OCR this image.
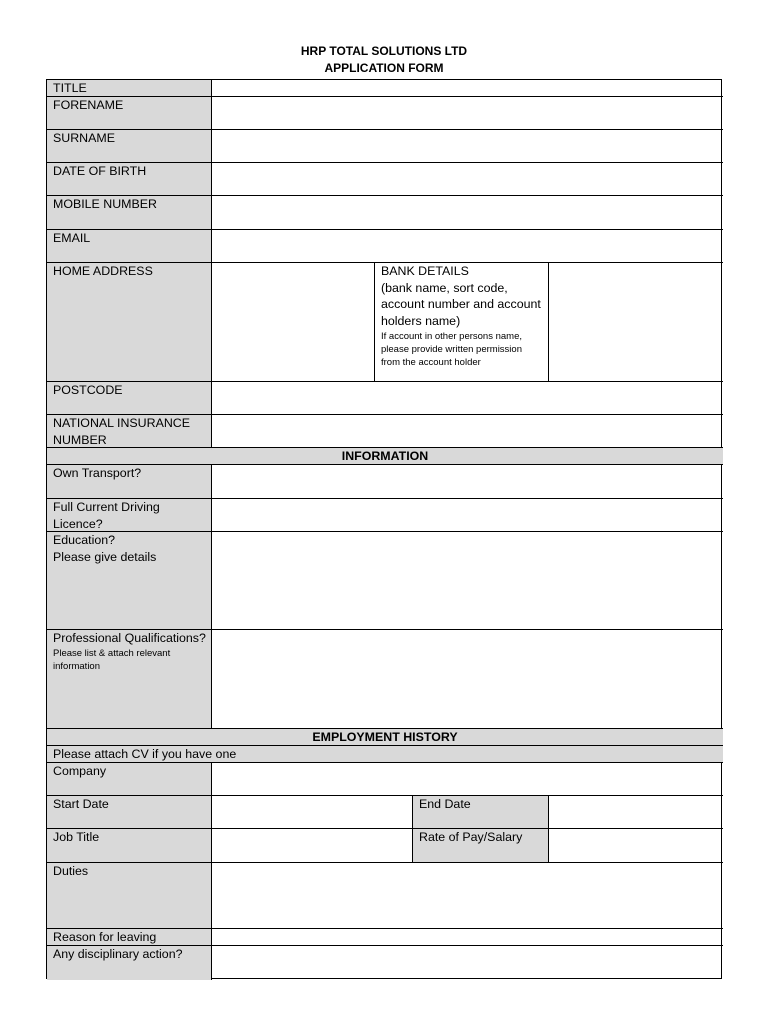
HRP TOTAL SOLUTIONS LTD
APPLICATION FORM
TITLE
FORENAME
SURNAME
DATE OF BIRTH
MOBILE NUMBER
EMAIL
HOME ADDRESS
POSTCODE
NATIONAL INSURANCE NUMBER
INFORMATION
Own Transport?
Full Current Driving Licence?
Education?
Please give details
Professional Qualifications?
Please list & attach relevant information
EMPLOYMENT HISTORY
Please attach CV if you have one
Company
Start Date	End Date
Job Title	Rate of Pay/Salary
Duties
Reason for leaving
Any disciplinary action?
BANK DETAILS
(bank name, sort code, account number and account holders name)
If account in other persons name, please provide written permission from the account holder
